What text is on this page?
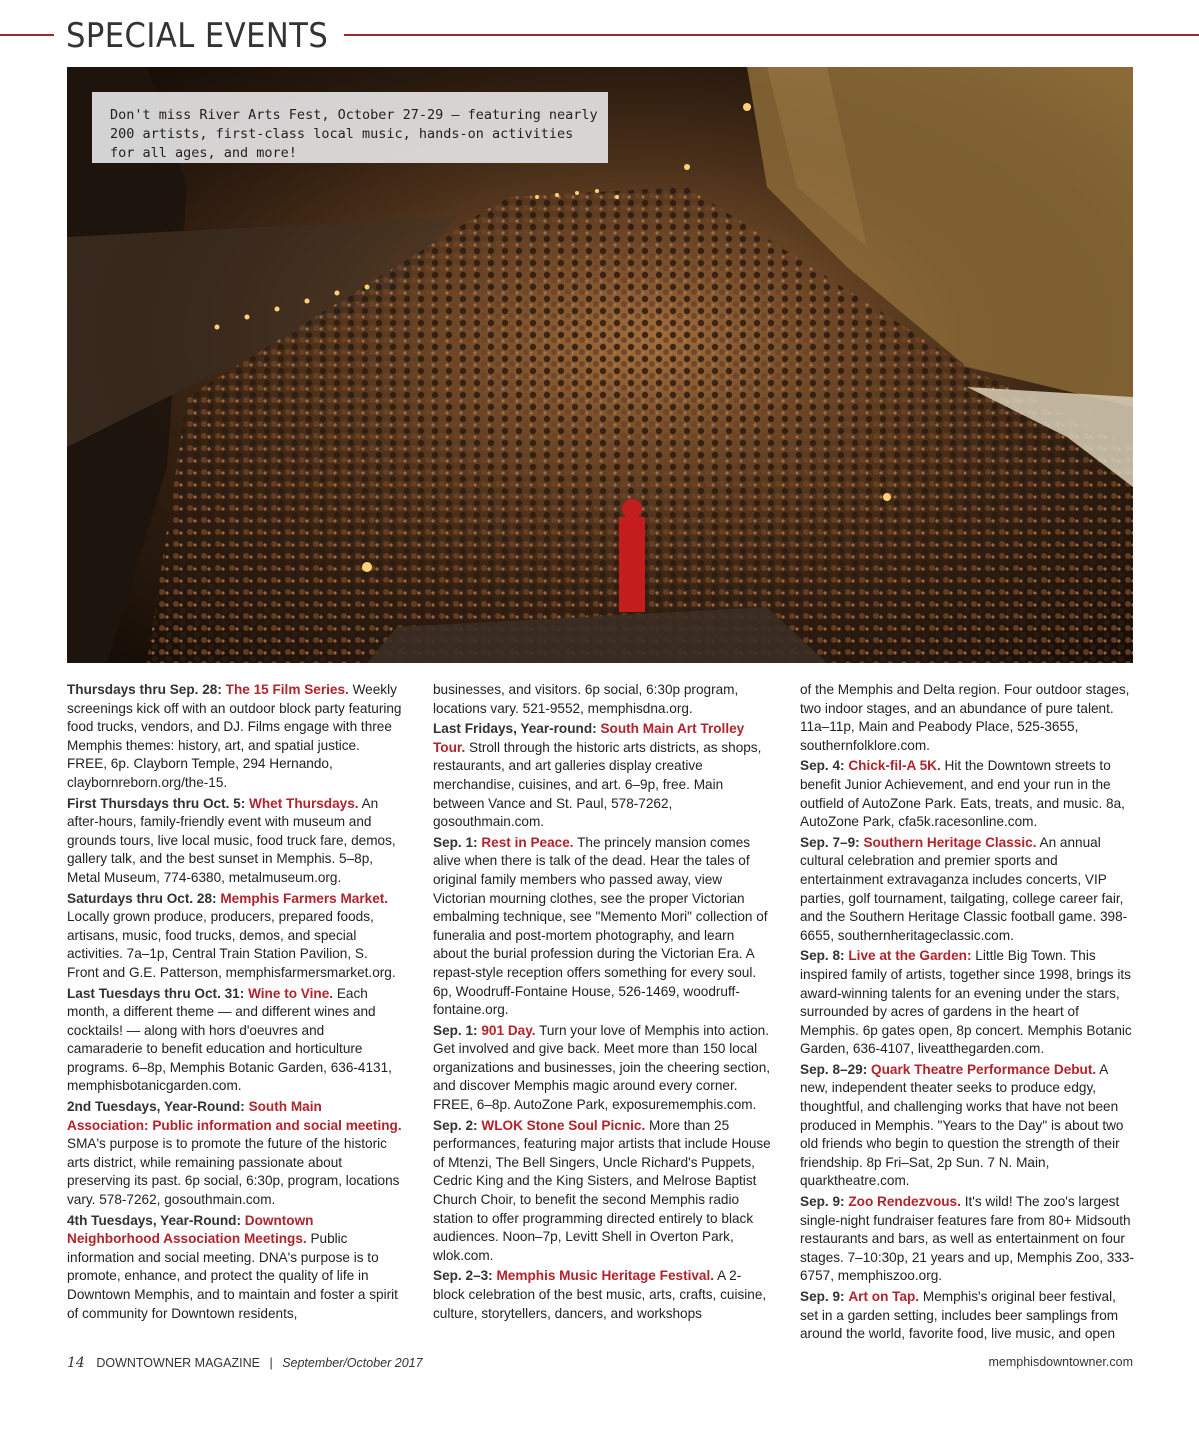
SPECIAL EVENTS

Don't miss River Arts Fest, October 27-29 — featuring nearly 200 artists, first-class local music, hands-on activities for all ages, and more!

Thursdays thru Sep. 28: The 15 Film Series. Weekly screenings kick off with an outdoor block party featuring food trucks, vendors, and DJ. Films engage with three Memphis themes: history, art, and spatial justice. FREE, 6p. Clayborn Temple, 294 Hernando, claybornreborn.org/the-15.

First Thursdays thru Oct. 5: Whet Thursdays. An after-hours, family-friendly event with museum and grounds tours, live local music, food truck fare, demos, gallery talk, and the best sunset in Memphis. 5–8p, Metal Museum, 774-6380, metalmuseum.org.

Saturdays thru Oct. 28: Memphis Farmers Market. Locally grown produce, producers, prepared foods, artisans, music, food trucks, demos, and special activities. 7a–1p, Central Train Station Pavilion, S. Front and G.E. Patterson, memphisfarmersmarket.org.

Last Tuesdays thru Oct. 31: Wine to Vine. Each month, a different theme — and different wines and cocktails! — along with hors d'oeuvres and camaraderie to benefit education and horticulture programs. 6–8p, Memphis Botanic Garden, 636-4131, memphisbotanicgarden.com.

2nd Tuesdays, Year-Round: South Main Association: Public information and social meeting. SMA's purpose is to promote the future of the historic arts district, while remaining passionate about preserving its past. 6p social, 6:30p, program, locations vary. 578-7262, gosouthmain.com.

4th Tuesdays, Year-Round: Downtown Neighborhood Association Meetings. Public information and social meeting. DNA's purpose is to promote, enhance, and protect the quality of life in Downtown Memphis, and to maintain and foster a spirit of community for Downtown residents,

businesses, and visitors. 6p social, 6:30p program, locations vary. 521-9552, memphisdna.org.

Last Fridays, Year-round: South Main Art Trolley Tour. Stroll through the historic arts districts, as shops, restaurants, and art galleries display creative merchandise, cuisines, and art. 6–9p, free. Main between Vance and St. Paul, 578-7262, gosouthmain.com.

Sep. 1: Rest in Peace. The princely mansion comes alive when there is talk of the dead. Hear the tales of original family members who passed away, view Victorian mourning clothes, see the proper Victorian embalming technique, see "Memento Mori" collection of funeralia and post-mortem photography, and learn about the burial profession during the Victorian Era. A repast-style reception offers something for every soul. 6p, Woodruff-Fontaine House, 526-1469, woodruff-fontaine.org.

Sep. 1: 901 Day. Turn your love of Memphis into action. Get involved and give back. Meet more than 150 local organizations and businesses, join the cheering section, and discover Memphis magic around every corner. FREE, 6–8p. AutoZone Park, exposurememphis.com.

Sep. 2: WLOK Stone Soul Picnic. More than 25 performances, featuring major artists that include House of Mtenzi, The Bell Singers, Uncle Richard's Puppets, Cedric King and the King Sisters, and Melrose Baptist Church Choir, to benefit the second Memphis radio station to offer programming directed entirely to black audiences. Noon–7p, Levitt Shell in Overton Park, wlok.com.

Sep. 2–3: Memphis Music Heritage Festival. A 2-block celebration of the best music, arts, crafts, cuisine, culture, storytellers, dancers, and workshops

of the Memphis and Delta region. Four outdoor stages, two indoor stages, and an abundance of pure talent. 11a–11p, Main and Peabody Place, 525-3655, southernfolklore.com.

Sep. 4: Chick-fil-A 5K. Hit the Downtown streets to benefit Junior Achievement, and end your run in the outfield of AutoZone Park. Eats, treats, and music. 8a, AutoZone Park, cfa5k.racesonline.com.

Sep. 7–9: Southern Heritage Classic. An annual cultural celebration and premier sports and entertainment extravaganza includes concerts, VIP parties, golf tournament, tailgating, college career fair, and the Southern Heritage Classic football game. 398-6655, southernheritageclassic.com.

Sep. 8: Live at the Garden: Little Big Town. This inspired family of artists, together since 1998, brings its award-winning talents for an evening under the stars, surrounded by acres of gardens in the heart of Memphis. 6p gates open, 8p concert. Memphis Botanic Garden, 636-4107, liveatthegarden.com.

Sep. 8–29: Quark Theatre Performance Debut. A new, independent theater seeks to produce edgy, thoughtful, and challenging works that have not been produced in Memphis. "Years to the Day" is about two old friends who begin to question the strength of their friendship. 8p Fri–Sat, 2p Sun. 7 N. Main, quarktheatre.com.

Sep. 9: Zoo Rendezvous. It's wild! The zoo's largest single-night fundraiser features fare from 80+ Midsouth restaurants and bars, as well as entertainment on four stages. 7–10:30p, 21 years and up, Memphis Zoo, 333-6757, memphiszoo.org.

Sep. 9: Art on Tap. Memphis's original beer festival, set in a garden setting, includes beer samplings from around the world, favorite food, live music, and open

14 DOWNTOWNER MAGAZINE | September/October 2017	memphisdowntowner.com
